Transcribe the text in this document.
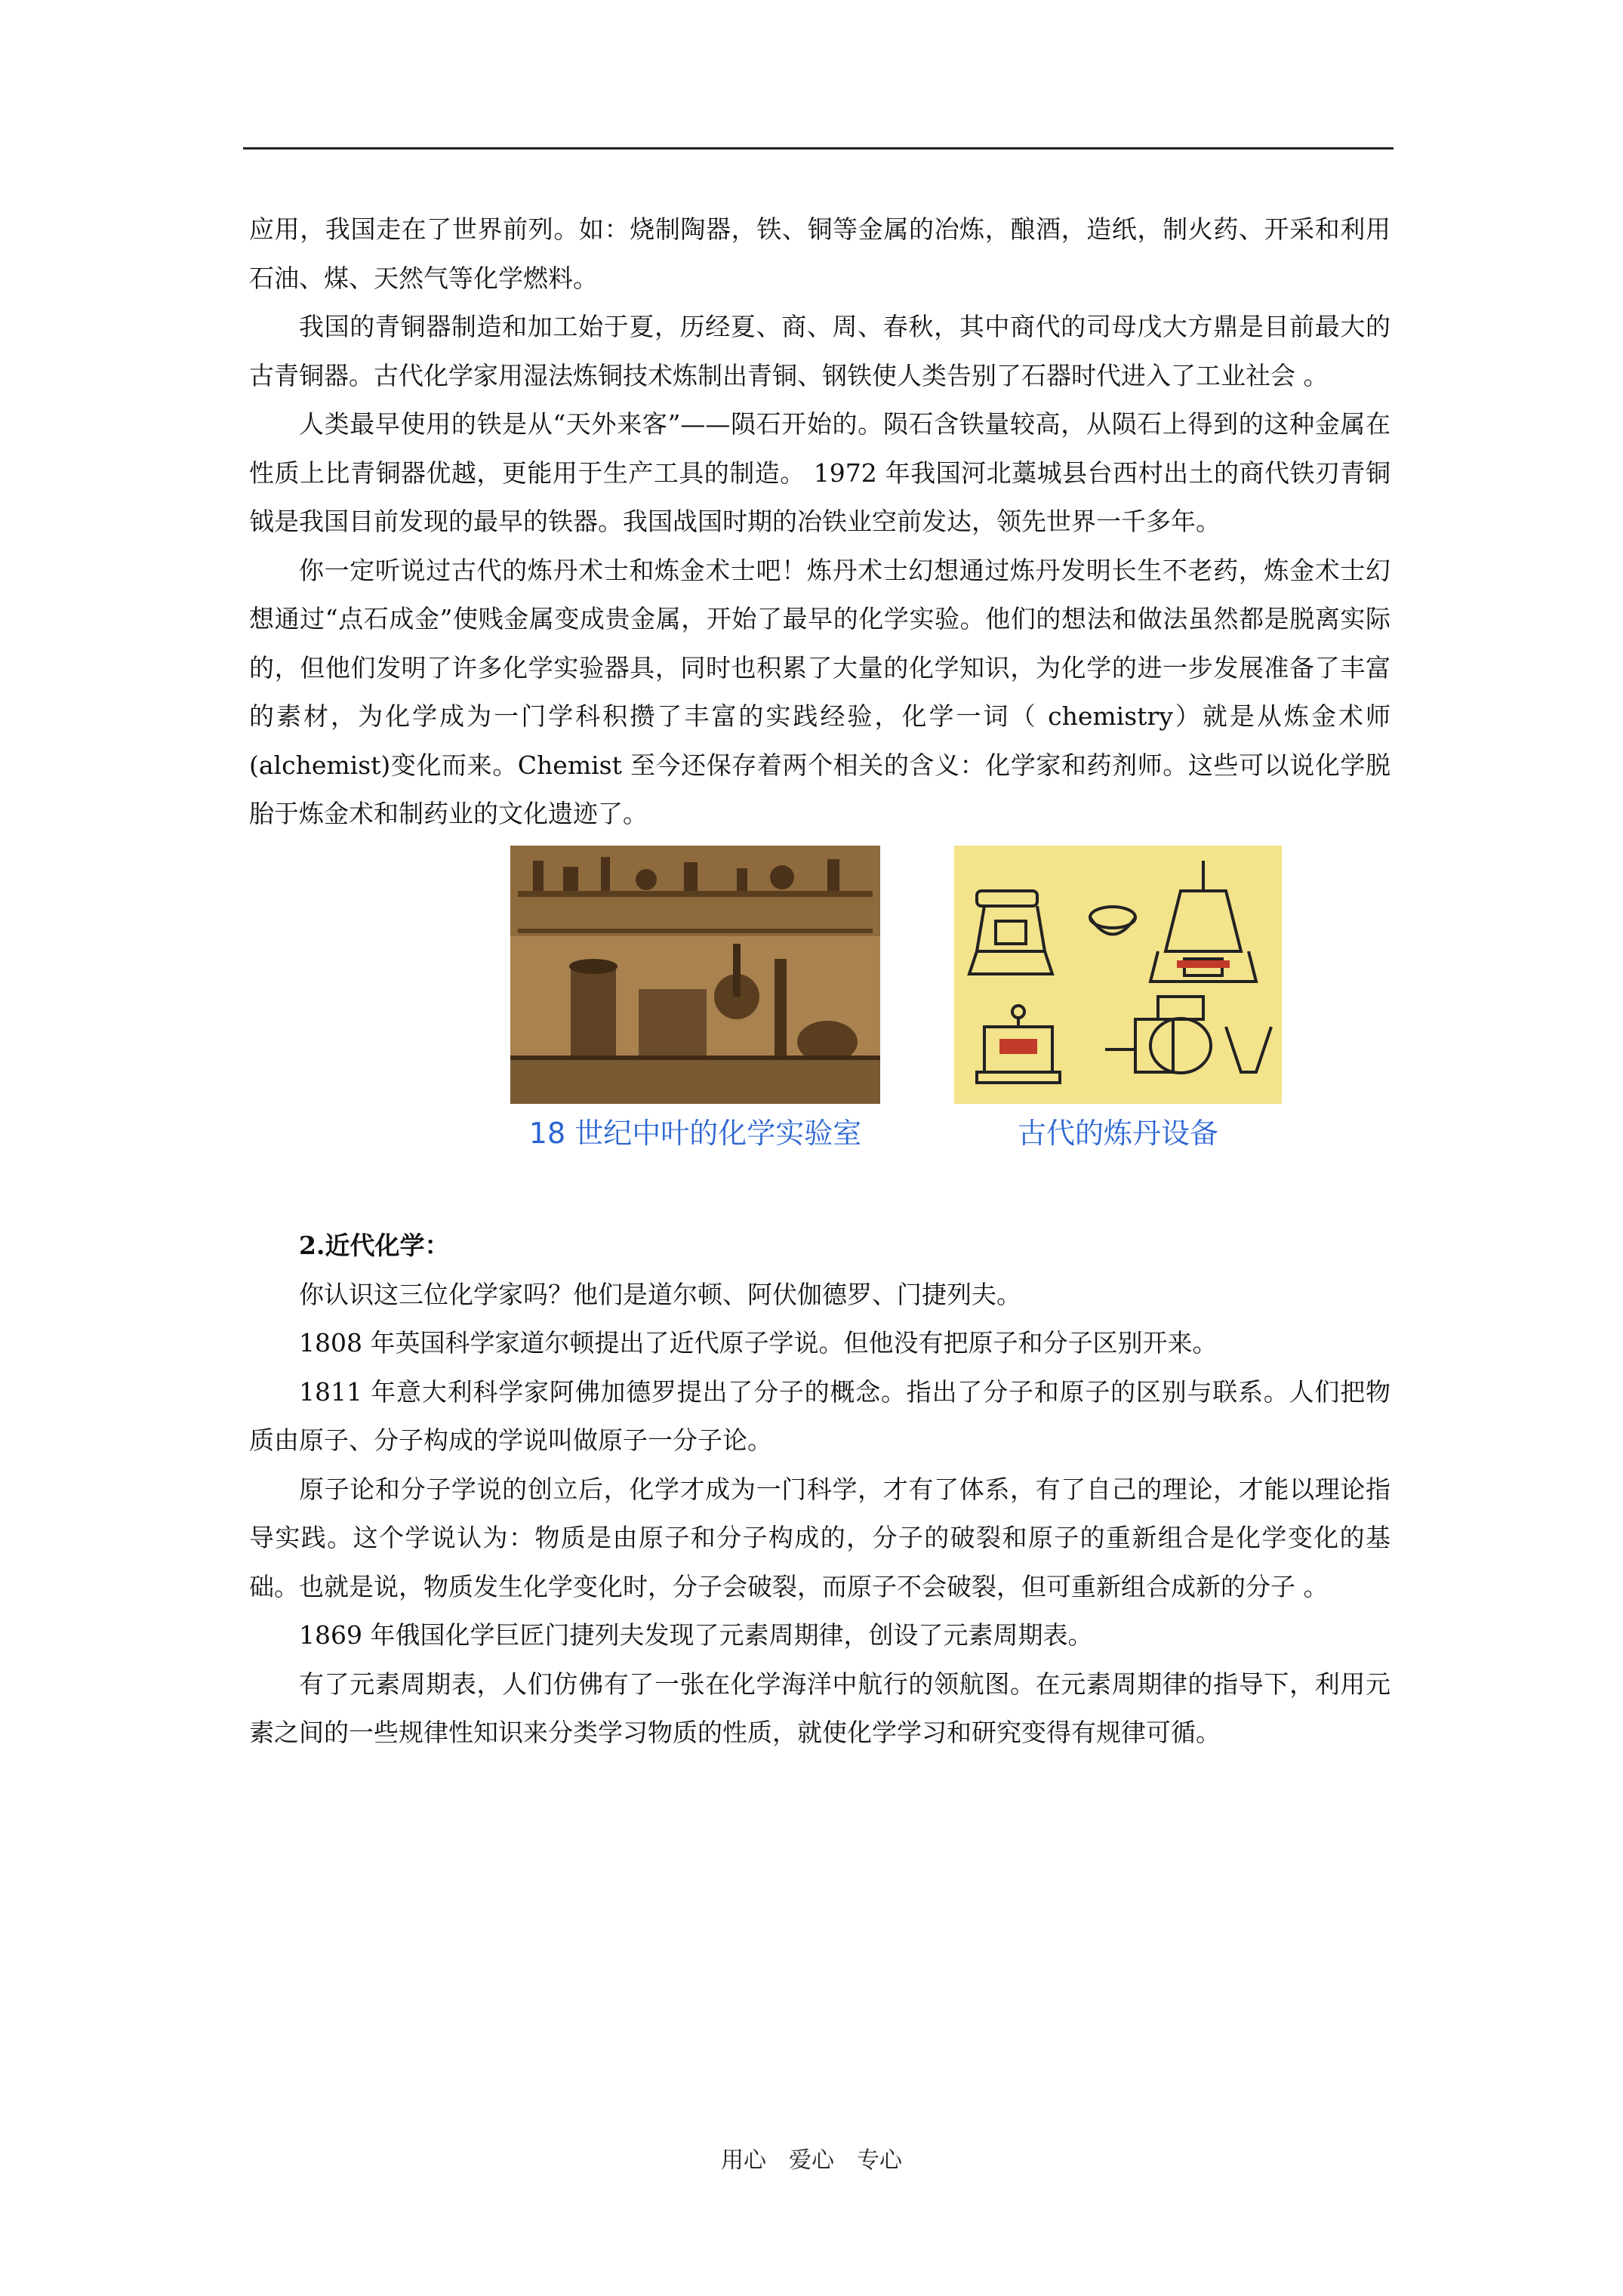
应用，我国走在了世界前列。如：烧制陶器，铁、铜等金属的冶炼，酿酒，造纸，制火药、开采和利用石油、煤、天然气等化学燃料。

我国的青铜器制造和加工始于夏，历经夏、商、周、春秋，其中商代的司母戊大方鼎是目前最大的古青铜器。古代化学家用湿法炼铜技术炼制出青铜、钢铁使人类告别了石器时代进入了工业社会 。

人类最早使用的铁是从“天外来客”——陨石开始的。陨石含铁量较高，从陨石上得到的这种金属在性质上比青铜器优越，更能用于生产工具的制造。 1972 年我国河北藁城县台西村出土的商代铁刃青铜钺是我国目前发现的最早的铁器。我国战国时期的冶铁业空前发达，领先世界一千多年。

你一定听说过古代的炼丹术士和炼金术士吧！炼丹术士幻想通过炼丹发明长生不老药，炼金术士幻想通过“点石成金”使贱金属变成贵金属，开始了最早的化学实验。他们的想法和做法虽然都是脱离实际的，但他们发明了许多化学实验器具，同时也积累了大量的化学知识，为化学的进一步发展准备了丰富的素材，为化学成为一门学科积攒了丰富的实践经验，化学一词（ chemistry）就是从炼金术师(alchemist)变化而来。Chemist 至今还保存着两个相关的含义：化学家和药剂师。这些可以说化学脱胎于炼金术和制药业的文化遗迹了。

18 世纪中叶的化学实验室	古代的炼丹设备

2.近代化学：

你认识这三位化学家吗？他们是道尔顿、阿伏伽德罗、门捷列夫。

1808 年英国科学家道尔顿提出了近代原子学说。但他没有把原子和分子区别开来。

1811 年意大利科学家阿佛加德罗提出了分子的概念。指出了分子和原子的区别与联系。人们把物质由原子、分子构成的学说叫做原子一分子论。

原子论和分子学说的创立后，化学才成为一门科学，才有了体系，有了自己的理论，才能以理论指导实践。这个学说认为：物质是由原子和分子构成的，分子的破裂和原子的重新组合是化学变化的基础。也就是说，物质发生化学变化时，分子会破裂，而原子不会破裂，但可重新组合成新的分子 。

1869 年俄国化学巨匠门捷列夫发现了元素周期律，创设了元素周期表。

有了元素周期表，人们仿佛有了一张在化学海洋中航行的领航图。在元素周期律的指导下，利用元素之间的一些规律性知识来分类学习物质的性质，就使化学学习和研究变得有规律可循。

用心　爱心　专心
